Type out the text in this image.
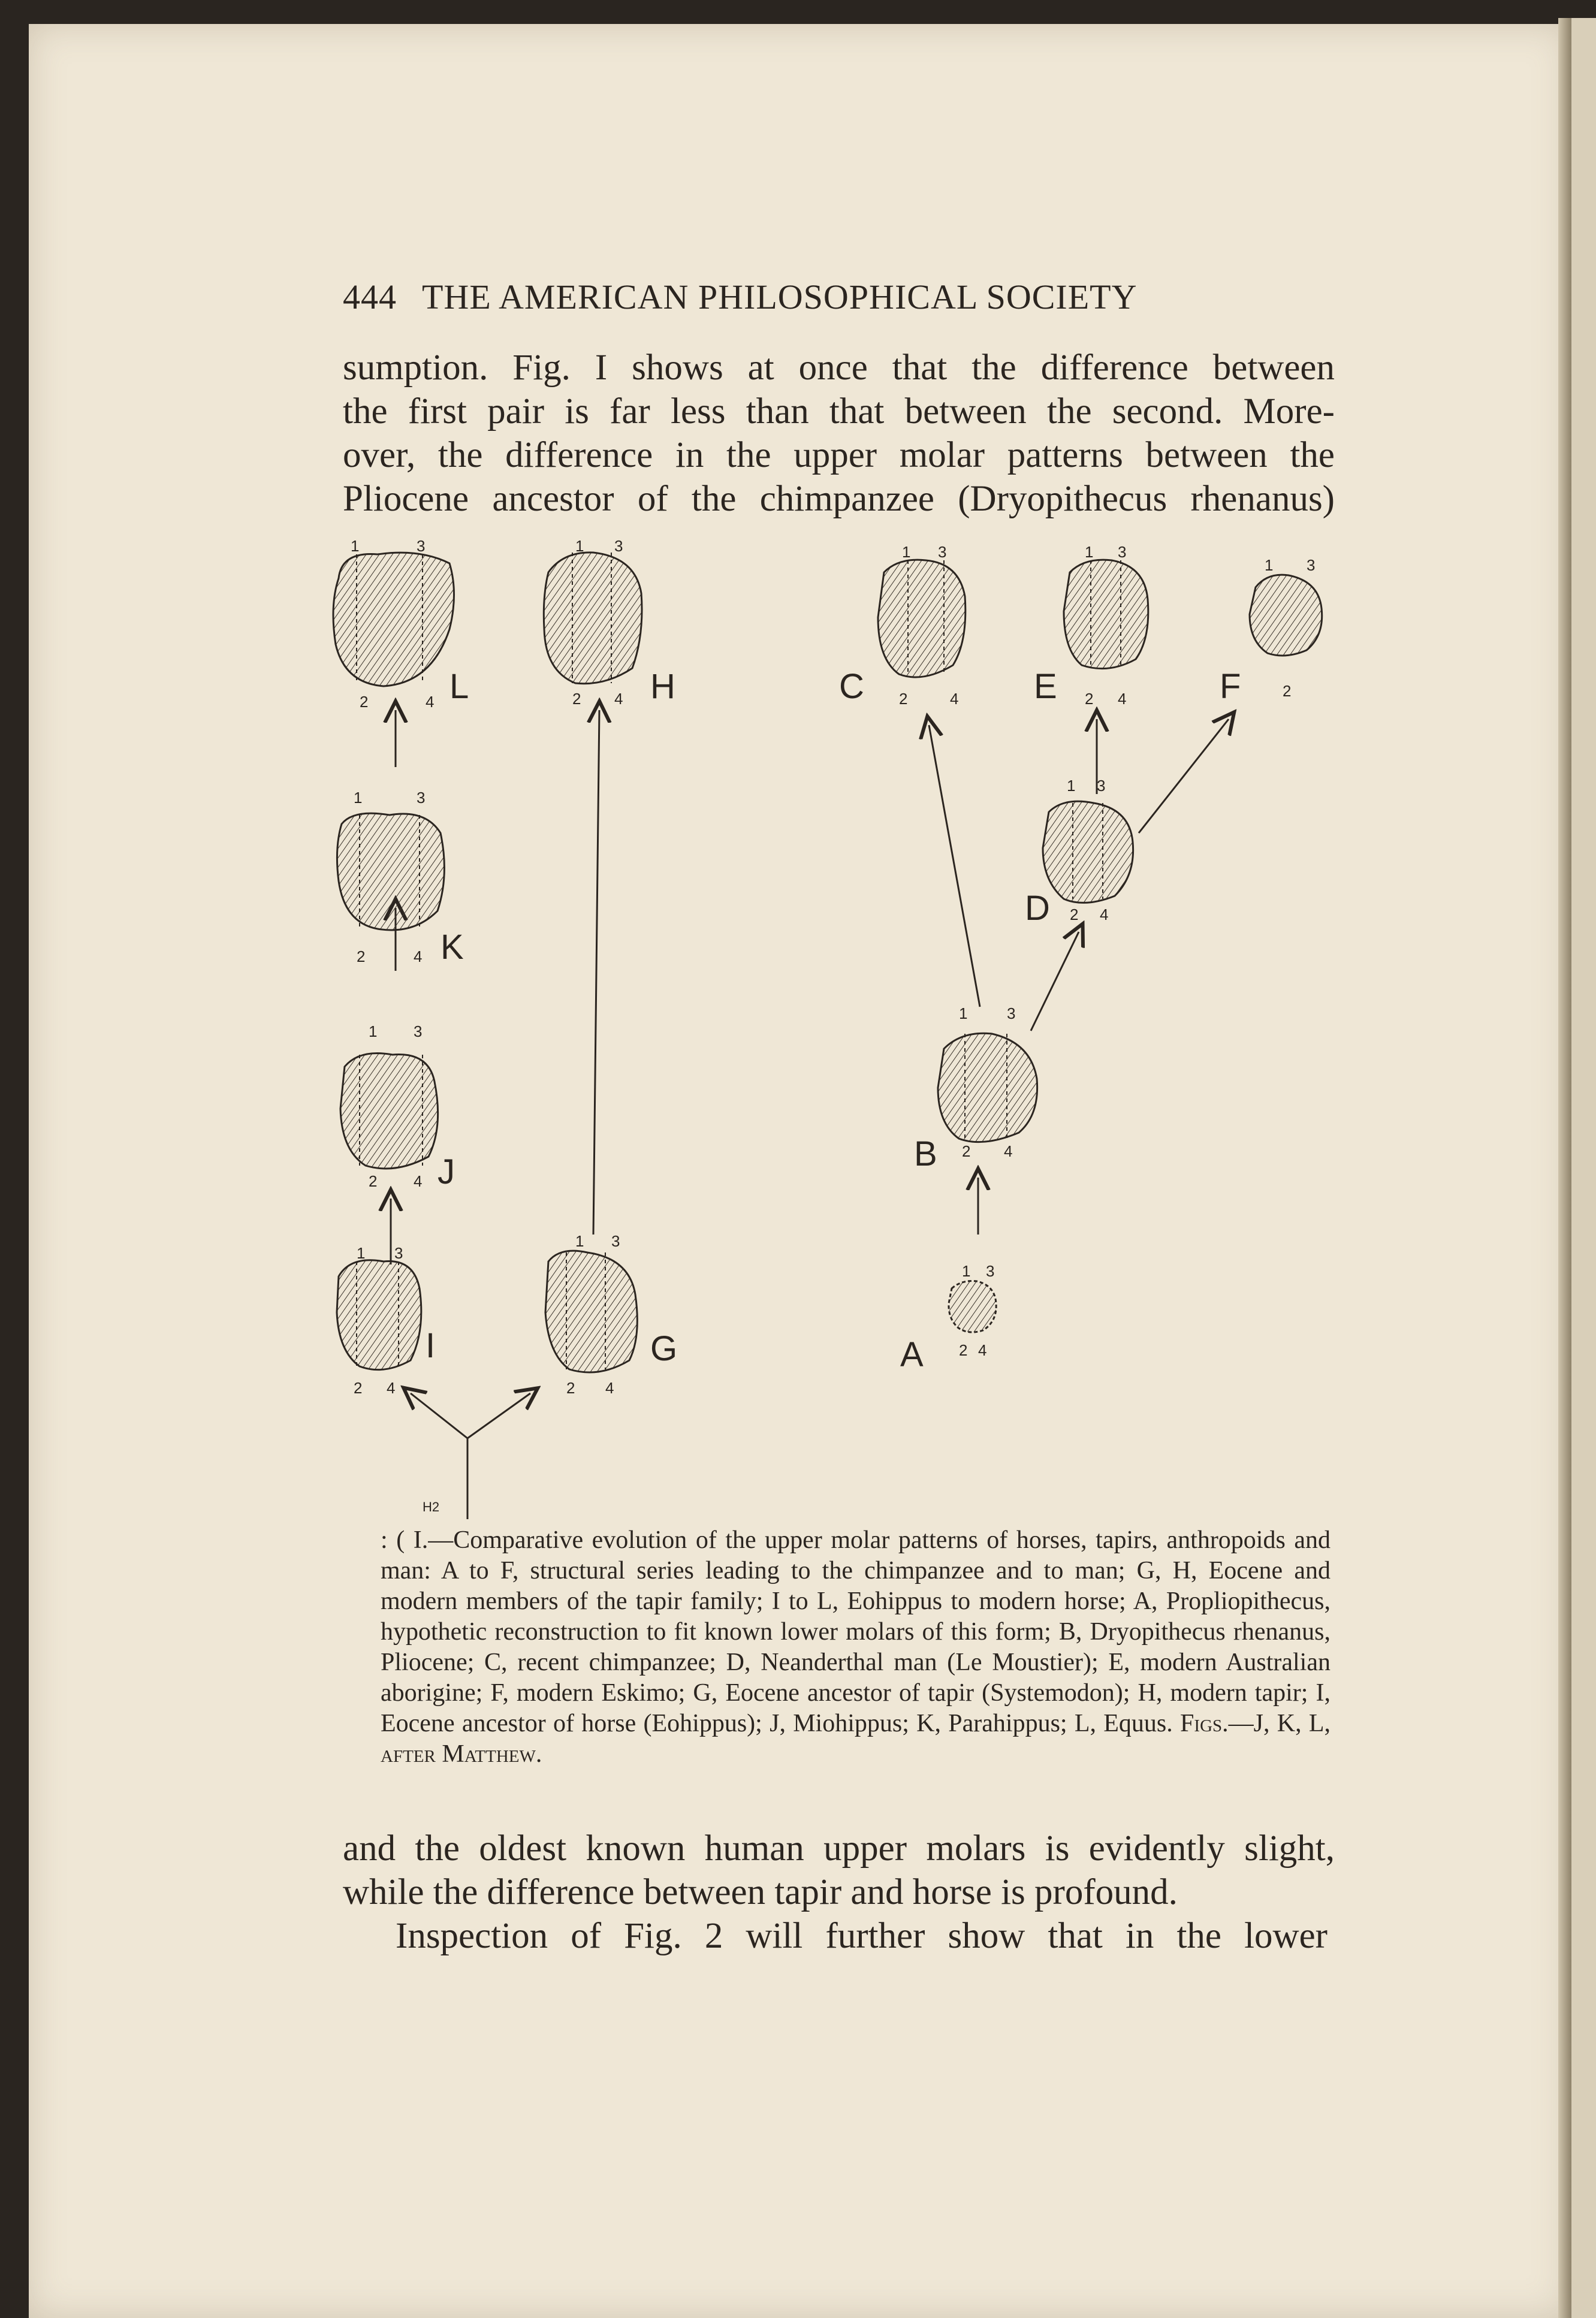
444 THE AMERICAN PHILOSOPHICAL SOCIETY
sumption. Fig. I shows at once that the difference between
the first pair is far less than that between the second. More-
over, the difference in the upper molar patterns between the
Pliocene ancestor of the chimpanzee (Dryopithecus rhenanus)
1	3
2	4
1 3
2 4
1 3
2	4
1 3
2 4
1 3
2
1 3
2 4
1	3
2	4
1 3
2 4
1 3
2 4
1 3
2 4
1	3
2 4
1 3
2 4
H2
L	H	C	E	F
D
K
J
I	G
B
A

: ( I.—Comparative evolution of the upper molar patterns of horses, tapirs, anthropoids and man: A to F, structural series leading to the chimpanzee and to man; G, H, Eocene and modern members of the tapir family; I to L, Eohippus to modern horse; A, Propliopithecus, hypothetic reconstruction to fit known lower molars of this form; B, Dryopithecus rhenanus, Pliocene; C, recent chimpanzee; D, Neanderthal man (Le Moustier); E, modern Australian aborigine; F, modern Eskimo; G, Eocene ancestor of tapir (Systemodon); H, modern tapir; I, Eocene ancestor of horse (Eohippus); J, Miohippus; K, Parahippus; L, Equus. Figs.—J, K, L, after Matthew.

and the oldest known human upper molars is evidently slight,
while the difference between tapir and horse is profound.
Inspection of Fig. 2 will further show that in the lower
